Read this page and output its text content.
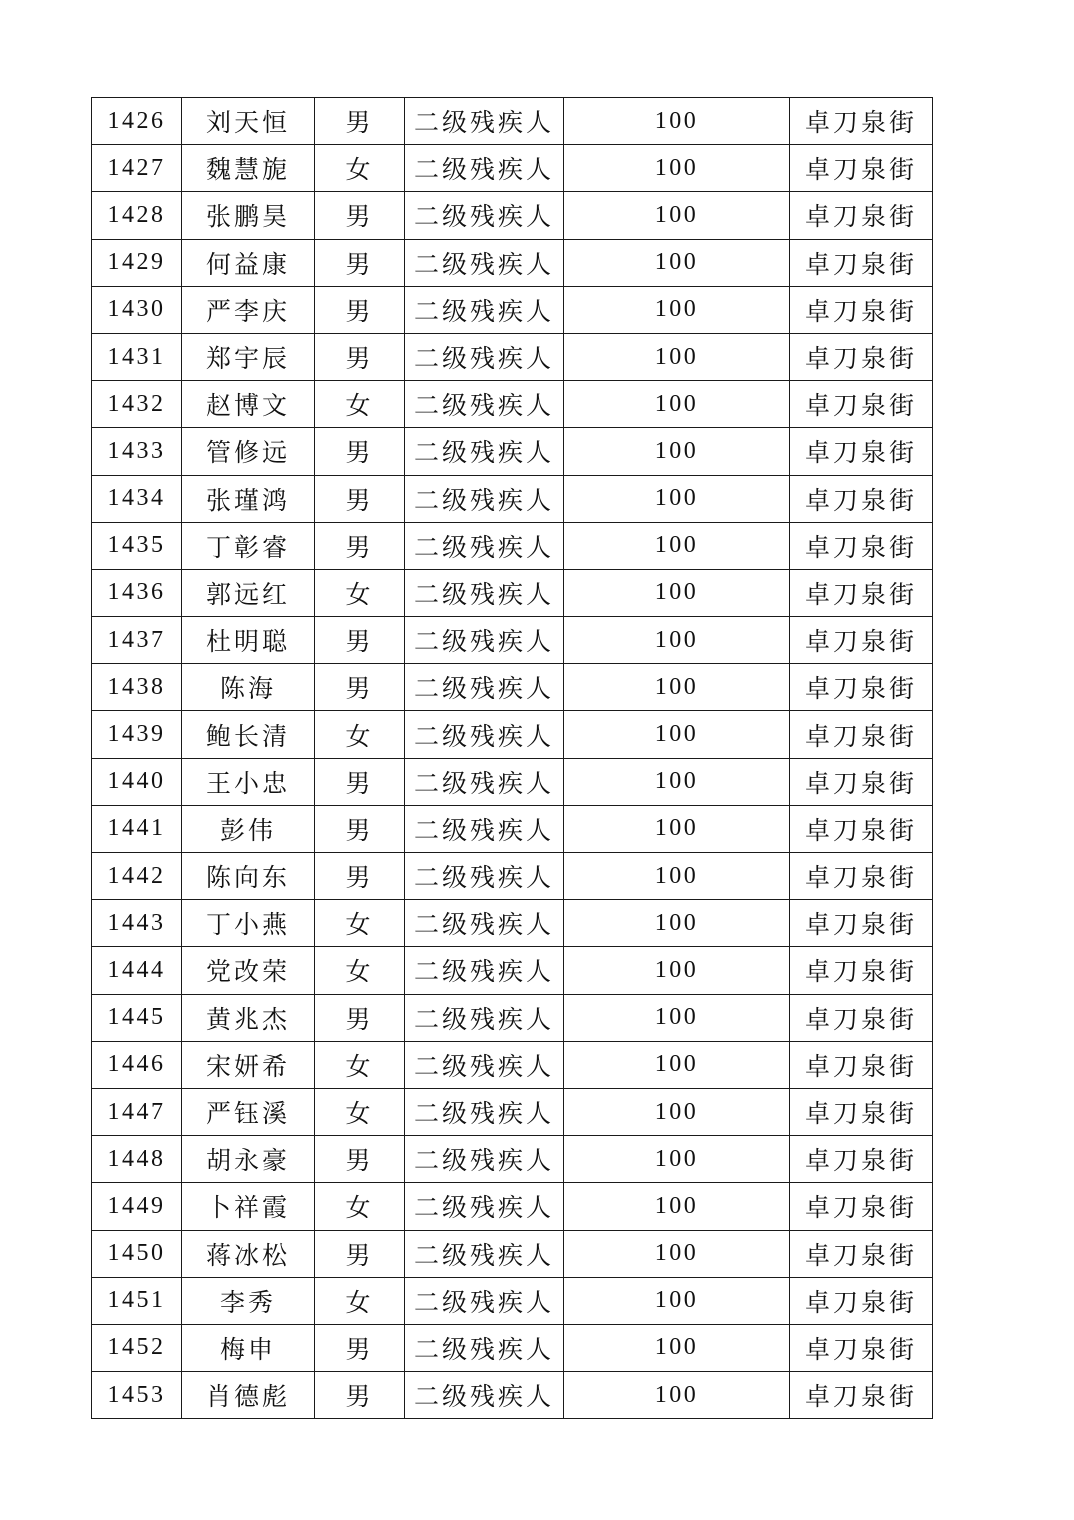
1426	刘天恒	男	二级残疾人	100	卓刀泉街
1427	魏慧旎	女	二级残疾人	100	卓刀泉街
1428	张鹏昊	男	二级残疾人	100	卓刀泉街
1429	何益康	男	二级残疾人	100	卓刀泉街
1430	严李庆	男	二级残疾人	100	卓刀泉街
1431	郑宇辰	男	二级残疾人	100	卓刀泉街
1432	赵博文	女	二级残疾人	100	卓刀泉街
1433	管修远	男	二级残疾人	100	卓刀泉街
1434	张瑾鸿	男	二级残疾人	100	卓刀泉街
1435	丁彰睿	男	二级残疾人	100	卓刀泉街
1436	郭远红	女	二级残疾人	100	卓刀泉街
1437	杜明聪	男	二级残疾人	100	卓刀泉街
1438	陈海	男	二级残疾人	100	卓刀泉街
1439	鲍长清	女	二级残疾人	100	卓刀泉街
1440	王小忠	男	二级残疾人	100	卓刀泉街
1441	彭伟	男	二级残疾人	100	卓刀泉街
1442	陈向东	男	二级残疾人	100	卓刀泉街
1443	丁小燕	女	二级残疾人	100	卓刀泉街
1444	党改荣	女	二级残疾人	100	卓刀泉街
1445	黄兆杰	男	二级残疾人	100	卓刀泉街
1446	宋妍希	女	二级残疾人	100	卓刀泉街
1447	严钰溪	女	二级残疾人	100	卓刀泉街
1448	胡永豪	男	二级残疾人	100	卓刀泉街
1449	卜祥霞	女	二级残疾人	100	卓刀泉街
1450	蒋冰松	男	二级残疾人	100	卓刀泉街
1451	李秀	女	二级残疾人	100	卓刀泉街
1452	梅申	男	二级残疾人	100	卓刀泉街
1453	肖德彪	男	二级残疾人	100	卓刀泉街
